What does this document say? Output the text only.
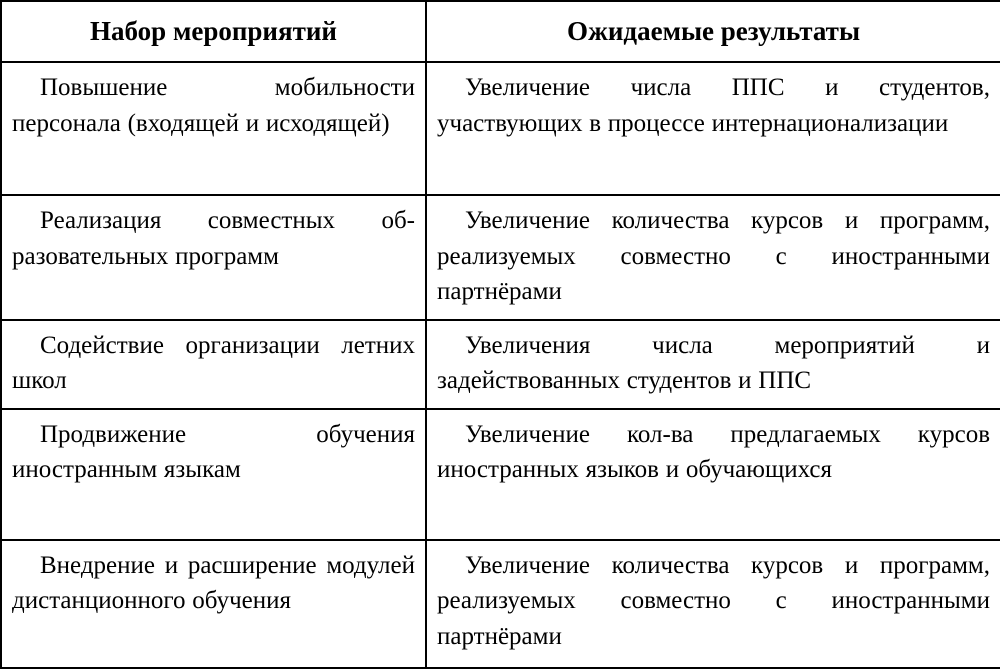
Набор мероприятий	Ожидаемые результаты
Повышение мобильности персонала (входящей и исходящей)	Увеличение числа ППС и студентов, участвующих в процессе интернационализации
Реализация совместных образовательных программ	Увеличение количества курсов и программ, реализуемых совместно с иностранными партнёрами
Содействие организации летних школ	Увеличения числа мероприятий и задействованных студентов и ППС
Продвижение обучения иностранным языкам	Увеличение кол-ва предлагаемых курсов иностранных языков и обучающихся
Внедрение и расширение модулей дистанционного обучения	Увеличение количества курсов и программ, реализуемых совместно с иностранными партнёрами
